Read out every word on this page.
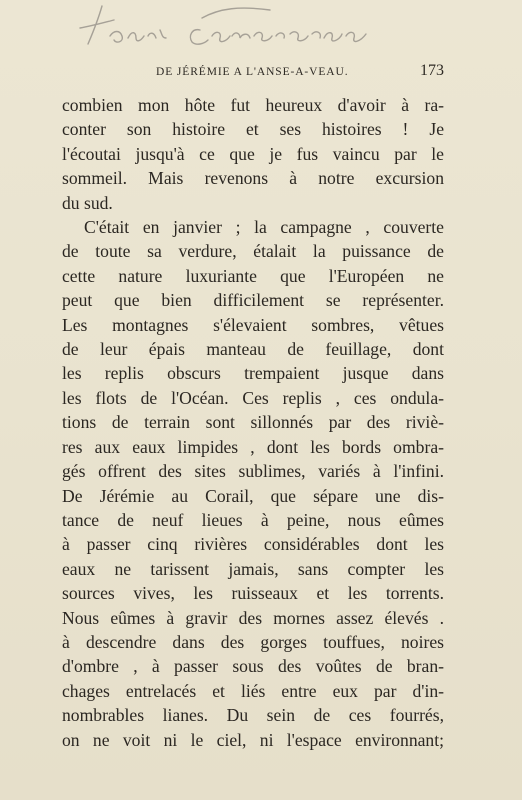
DE JÉRÉMIE A L'ANSE-A-VEAU.	173
combien mon hôte fut heureux d'avoir à ra-
conter son histoire et ses histoires ! Je
l'écoutai jusqu'à ce que je fus vaincu par le
sommeil. Mais revenons à notre excursion
du sud.
C'était en janvier ; la campagne , couverte
de toute sa verdure, étalait la puissance de
cette nature luxuriante que l'Européen ne
peut que bien difficilement se représenter.
Les montagnes s'élevaient sombres, vêtues
de leur épais manteau de feuillage, dont
les replis obscurs trempaient jusque dans
les flots de l'Océan. Ces replis , ces ondula-
tions de terrain sont sillonnés par des riviè-
res aux eaux limpides , dont les bords ombra-
gés offrent des sites sublimes, variés à l'infini.
De Jérémie au Corail, que sépare une dis-
tance de neuf lieues à peine, nous eûmes
à passer cinq rivières considérables dont les
eaux ne tarissent jamais, sans compter les
sources vives, les ruisseaux et les torrents.
Nous eûmes à gravir des mornes assez élevés .
à descendre dans des gorges touffues, noires
d'ombre , à passer sous des voûtes de bran-
chages entrelacés et liés entre eux par d'in-
nombrables lianes. Du sein de ces fourrés,
on ne voit ni le ciel, ni l'espace environnant;
